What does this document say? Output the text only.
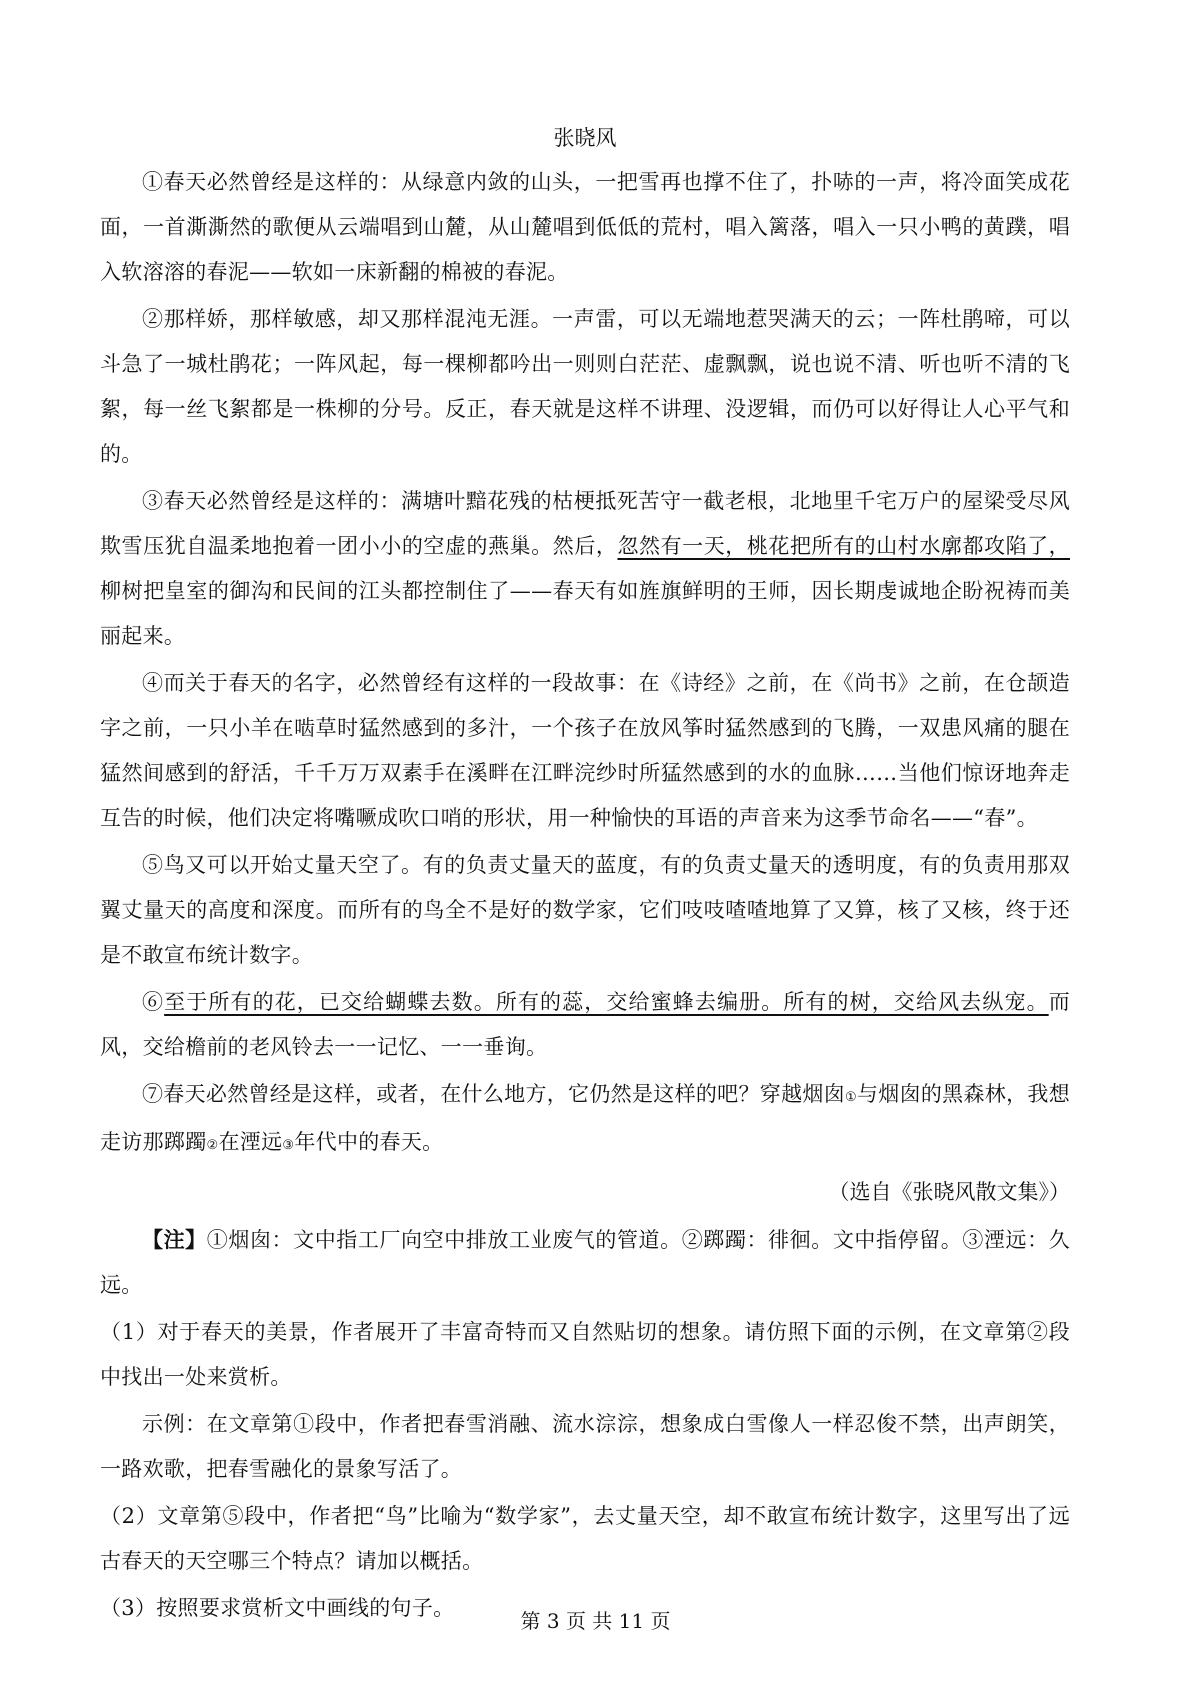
张晓风

①春天必然曾经是这样的：从绿意内敛的山头，一把雪再也撑不住了，扑哧的一声，将冷面笑成花面，一首澌澌然的歌便从云端唱到山麓，从山麓唱到低低的荒村，唱入篱落，唱入一只小鸭的黄蹼，唱入软溶溶的春泥——软如一床新翻的棉被的春泥。

②那样娇，那样敏感，却又那样混沌无涯。一声雷，可以无端地惹哭满天的云；一阵杜鹃啼，可以斗急了一城杜鹃花；一阵风起，每一棵柳都吟出一则则白茫茫、虚飘飘，说也说不清、听也听不清的飞絮，每一丝飞絮都是一株柳的分号。反正，春天就是这样不讲理、没逻辑，而仍可以好得让人心平气和的。

③春天必然曾经是这样的：满塘叶黯花残的枯梗抵死苦守一截老根，北地里千宅万户的屋梁受尽风欺雪压犹自温柔地抱着一团小小的空虚的燕巢。然后，忽然有一天，桃花把所有的山村水廓都攻陷了，柳树把皇室的御沟和民间的江头都控制住了——春天有如旌旗鲜明的王师，因长期虔诚地企盼祝祷而美丽起来。

④而关于春天的名字，必然曾经有这样的一段故事：在《诗经》之前，在《尚书》之前，在仓颉造字之前，一只小羊在啮草时猛然感到的多汁，一个孩子在放风筝时猛然感到的飞腾，一双患风痛的腿在猛然间感到的舒活，千千万万双素手在溪畔在江畔浣纱时所猛然感到的水的血脉……当他们惊讶地奔走互告的时候，他们决定将嘴噘成吹口哨的形状，用一种愉快的耳语的声音来为这季节命名——“春”。

⑤鸟又可以开始丈量天空了。有的负责丈量天的蓝度，有的负责丈量天的透明度，有的负责用那双翼丈量天的高度和深度。而所有的鸟全不是好的数学家，它们吱吱喳喳地算了又算，核了又核，终于还是不敢宣布统计数字。

⑥至于所有的花，已交给蝴蝶去数。所有的蕊，交给蜜蜂去编册。所有的树，交给风去纵宠。而风，交给檐前的老风铃去一一记忆、一一垂询。

⑦春天必然曾经是这样，或者，在什么地方，它仍然是这样的吧？穿越烟囱①与烟囱的黑森林，我想走访那踯躅②在湮远③年代中的春天。

（选自《张晓风散文集》）

【注】①烟囱：文中指工厂向空中排放工业废气的管道。②踯躅：徘徊。文中指停留。③湮远：久远。

（1）对于春天的美景，作者展开了丰富奇特而又自然贴切的想象。请仿照下面的示例，在文章第②段中找出一处来赏析。

示例：在文章第①段中，作者把春雪消融、流水淙淙，想象成白雪像人一样忍俊不禁，出声朗笑，一路欢歌，把春雪融化的景象写活了。

（2）文章第⑤段中，作者把“鸟”比喻为“数学家”，去丈量天空，却不敢宣布统计数字，这里写出了远古春天的天空哪三个特点？请加以概括。

（3）按照要求赏析文中画线的句子。

第 3 页 共 11 页
